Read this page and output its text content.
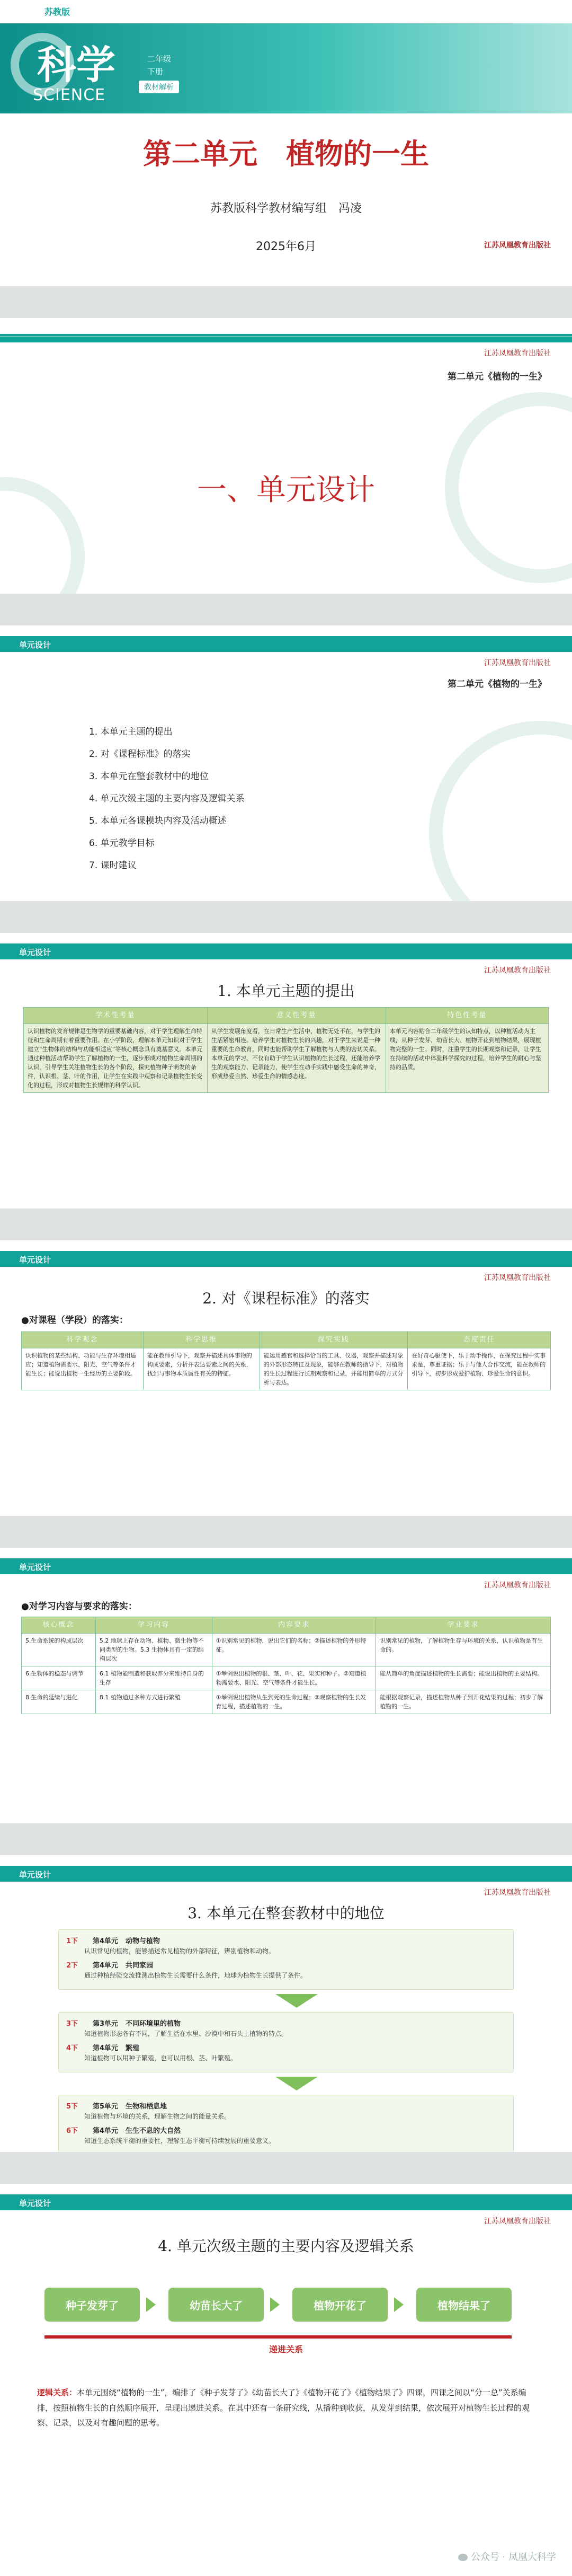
苏教版
科学
SCIENCE
二年级
下册
教材解析
第二单元　植物的一生
苏教版科学教材编写组　冯凌
2025年6月	江苏凤凰教育出版社
江苏凤凰教育出版社
第二单元《植物的一生》
一、单元设计
单元设计
江苏凤凰教育出版社
第二单元《植物的一生》
1. 本单元主题的提出
2. 对《课程标准》的落实
3. 本单元在整套教材中的地位
4. 单元次级主题的主要内容及逻辑关系
5. 本单元各课模块内容及活动概述
6. 单元教学目标
7. 课时建议
单元设计
江苏凤凰教育出版社
1. 本单元主题的提出
学术性考量	意义性考量	特色性考量
认识植物的发育规律是生物学的重要基础内容，对于学生理解生命特征和生命周期有着重要作用。在小学阶段，理解本单元知识对于学生建立“生物体的结构与功能相适应”等核心概念具有奠基意义。本单元通过种植活动帮助学生了解植物的一生，逐步形成对植物生命周期的认识，引导学生关注植物生长的各个阶段，探究植物种子萌发的条件，认识根、茎、叶的作用，让学生在实践中观察和记录植物生长变化的过程，形成对植物生长规律的科学认识。	从学生发展角度看，在日常生产生活中，植物无处不在，与学生的生活紧密相连。培养学生对植物生长的兴趣，对于学生来说是一种重要的生命教育，同时也能帮助学生了解植物与人类的密切关系。本单元的学习，不仅有助于学生认识植物的生长过程，还能培养学生的观察能力、记录能力，使学生在动手实践中感受生命的神奇，形成热爱自然、珍爱生命的情感态度。	本单元内容贴合二年级学生的认知特点，以种植活动为主线，从种子发芽、幼苗长大、植物开花到植物结果，展现植物完整的一生。同时，注重学生的长期观察和记录，让学生在持续的活动中体验科学探究的过程，培养学生的耐心与坚持的品质。
单元设计
江苏凤凰教育出版社
2. 对《课程标准》的落实
●对课程（学段）的落实：
科学观念	科学思维	探究实践	态度责任
认识植物的某些结构、功能与生存环境相适应；知道植物需要水、阳光、空气等条件才能生长；能说出植物一生经历的主要阶段。	能在教师引导下，观察并描述具体事物的构成要素，分析并表达要素之间的关系，找到与事物本质属性有关的特征。	能运用感官和选择恰当的工具、仪器，观察并描述对象的外部形态特征及现象，能够在教师的指导下，对植物的生长过程进行长期观察和记录，并能用简单的方式分析与表达。	在好奇心驱使下，乐于动手操作，在探究过程中实事求是，尊重证据；乐于与他人合作交流，能在教师的引导下，初步形成爱护植物、珍爱生命的意识。
单元设计
江苏凤凰教育出版社
●对学习内容与要求的落实：
核心概念	学习内容	内容要求	学业要求
5.生命系统的构成层次	5.2 地球上存在动物、植物、微生物等不同类型的生物。5.3 生物体具有一定的结构层次	①识别常见的植物，说出它们的名称；②描述植物的外形特征。	识别常见的植物，了解植物生存与环境的关系，认识植物是有生命的。
6.生物体的稳态与调节	6.1 植物能制造和获取养分来维持自身的生存	①举例说出植物的根、茎、叶、花、果实和种子。②知道植物需要水、阳光、空气等条件才能生长。	能从简单的角度描述植物的生长需要；能说出植物的主要结构。
8.生命的延续与进化	8.1 植物通过多种方式进行繁殖	①举例说出植物从生到死的生命过程；②观察植物的生长发育过程，描述植物的一生。	能根据观察记录，描述植物从种子到开花结果的过程；初步了解植物的一生。
单元设计
江苏凤凰教育出版社
3. 本单元在整套教材中的地位
1下	第4单元 动物与植物
认识常见的植物，能够描述常见植物的外部特征，辨别植物和动物。
2下	第4单元 共同家园
通过种植经验交流推测出植物生长需要什么条件，地球为植物生长提供了条件。
3下	第3单元 不同环境里的植物
知道植物形态各有不同，了解生活在水里、沙漠中和石头上植物的特点。
4下	第4单元 繁殖
知道植物可以用种子繁殖，也可以用根、茎、叶繁殖。
5下	第5单元 生物和栖息地
知道植物与环境的关系，理解生物之间的能量关系。
6下	第4单元 生生不息的大自然
知道生态系统平衡的重要性，理解生态平衡可持续发展的重要意义。
单元设计
江苏凤凰教育出版社
4. 单元次级主题的主要内容及逻辑关系
种子发芽了	幼苗长大了	植物开花了	植物结果了
递进关系
逻辑关系：本单元围绕“植物的一生”，编排了《种子发芽了》《幼苗长大了》《植物开花了》《植物结果了》四课，四课之间以“分一总”关系编排，按照植物生长的自然顺序展开，呈现出递进关系。在其中还有一条研究线，从播种到收获，从发芽到结果，依次展开对植物生长过程的观察、记录，以及对有趣问题的思考。
公众号 · 凤凰大科学
